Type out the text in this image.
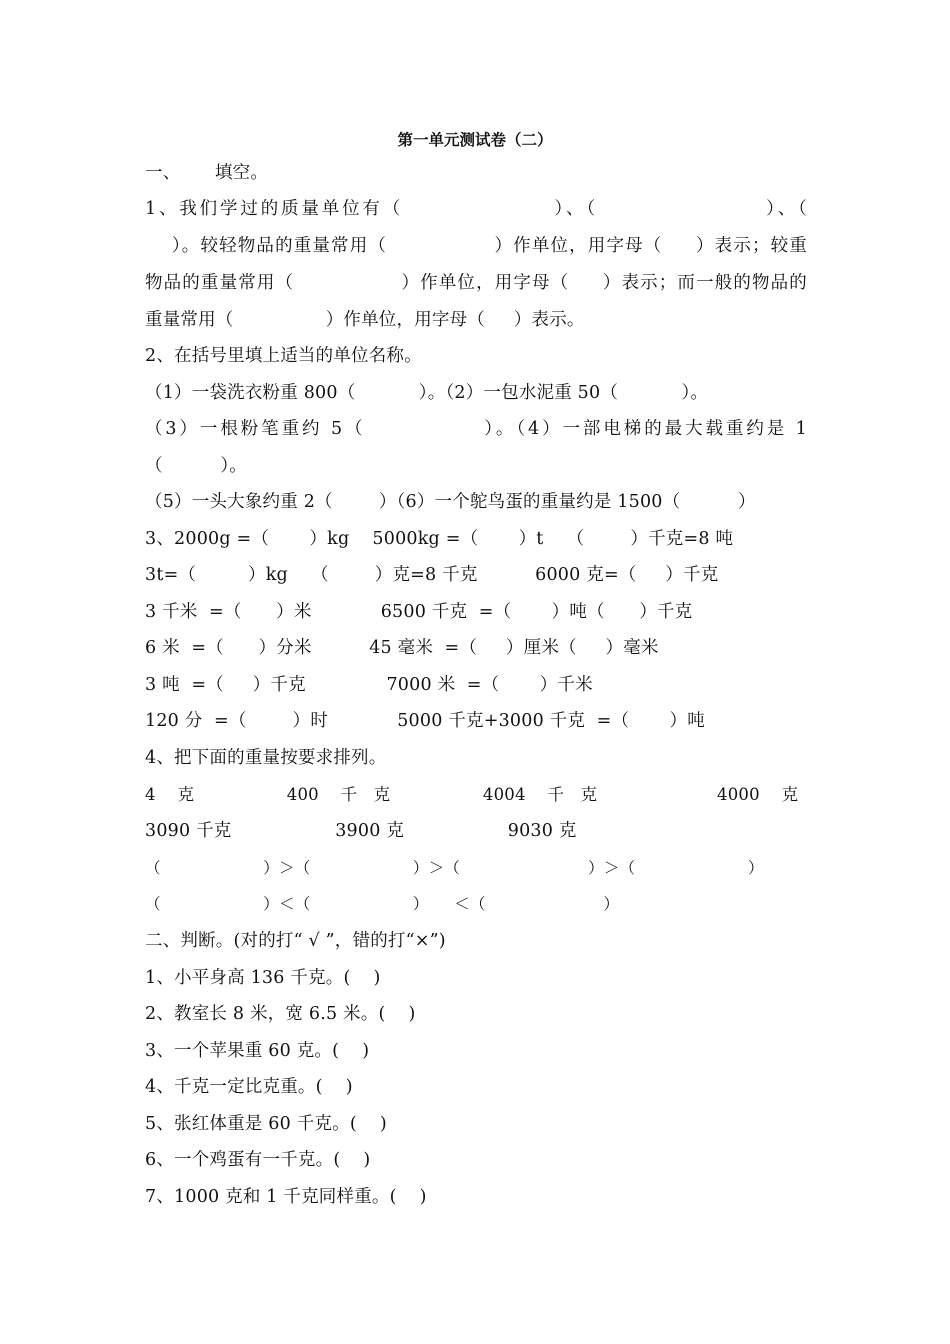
第一单元测试卷（二）
一、      填空。
1、我们学过的质量单位有（                  ）、（                    ）、（
）。较轻物品的重量常用（                ）作单位，用字母（     ）表示；较重
物品的重量常用（                ）作单位，用字母（     ）表示；而一般的物品的
重量常用（                ）作单位，用字母（     ）表示。
2、在括号里填上适当的单位名称。
（1）一袋洗衣粉重 800（           ）。（2）一包水泥重 50（           ）。
（3）一根粉笔重约 5（              ）。（4）一部电梯的最大载重约是 1
（          ）。
（5）一头大象约重 2（        ）（6）一个鸵鸟蛋的重量约是 1500（          ）
3、2000g =（       ）kg    5000kg =（       ）t    （        ）千克=8 吨
3t=（         ）kg    （        ）克=8 千克          6000 克=（     ）千克
3 千米  =（      ）米            6500 千克  =（       ）吨（      ）千克
6 米  =（      ）分米          45 毫米  =（     ）厘米（     ）毫米
3 吨  =（     ）千克              7000 米  =（       ）千米
120 分  =（        ）时            5000 千克+3000 千克  =（       ）吨
4、把下面的重量按要求排列。
4    克                 400    千   克                 4004    千   克                      4000    克
3090 千克                  3900 克                  9030 克
（                    ）＞（                    ）＞（                         ）＞（                      ）
（                    ）＜（                    ）     ＜（                       ）
二、判断。(对的打“ √ ”，错的打“×”)
1、小平身高 136 千克。(    )
2、教室长 8 米，宽 6.5 米。(    )
3、一个苹果重 60 克。(    )
4、千克一定比克重。(    )
5、张红体重是 60 千克。(    )
6、一个鸡蛋有一千克。(    )
7、1000 克和 1 千克同样重。(    )
